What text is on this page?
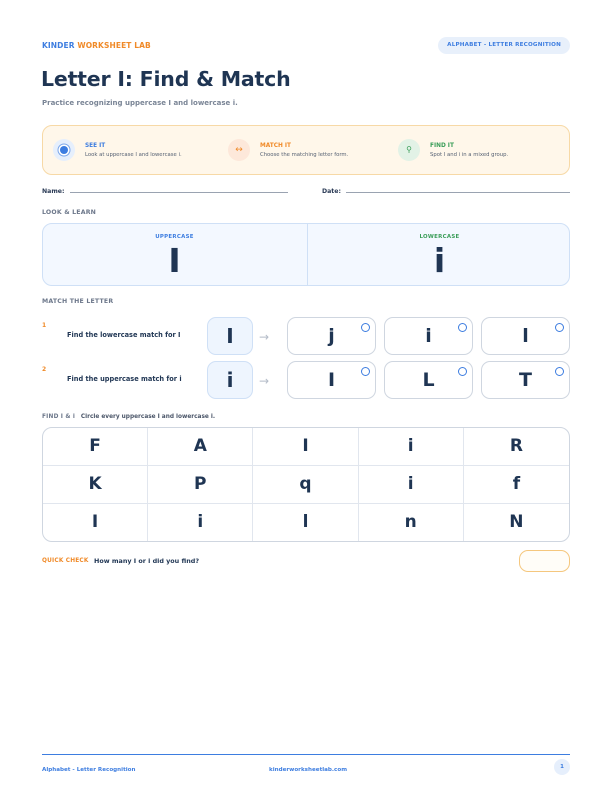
KINDER WORKSHEET LAB	ALPHABET - LETTER RECOGNITION
Letter I: Find & Match
Practice recognizing uppercase I and lowercase i.
SEE IT
Look at uppercase I and lowercase i.	↔	MATCH IT
Choose the matching letter form.
⚲	FIND IT
Spot I and i in a mixed group.
Name:	Date:
LOOK & LEARN
UPPERCASE
I
LOWERCASE
i
MATCH THE LETTER
1
Find the lowercase match for I	I	→	j	i	l
2
Find the uppercase match for i	i	→	I	L	T
FIND I & i Circle every uppercase I and lowercase i.
F	A	I	i	R
K	P	q	i	f
I	i	l	n	N
QUICK CHECK How many I or i did you find?
Alphabet - Letter Recognition	kinderworksheetlab.com	1
